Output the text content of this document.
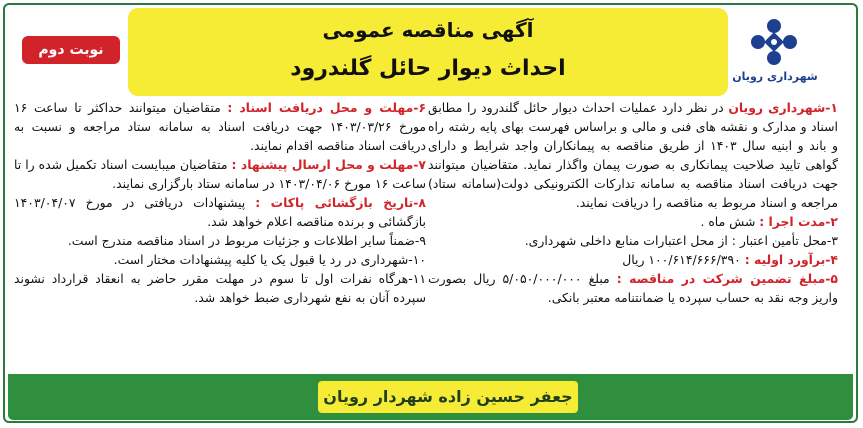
نوبت دوم
آگهی مناقصه عمومی
احداث دیوار حائل گلندرود	شهرداری رویان

۱-شهرداری رویان در نظر دارد عملیات احداث دیوار حائل گلندرود را مطابق اسناد و مدارک و نقشه های فنی و مالی و براساس فهرست بهای پایه رشته راه و باند و ابنیه سال ۱۴۰۳ از طریق مناقصه به پیمانکاران واجد شرایط و دارای گواهی تایید صلاحیت پیمانکاری به صورت پیمان واگذار نماید. متقاضیان میتوانند جهت دریافت اسناد مناقصه به سامانه تدارکات الکترونیکی دولت(سامانه ستاد) مراجعه و اسناد مربوط به مناقصه را دریافت نمایند.

۲-مدت اجرا : شش ماه .

۳-محل تأمین اعتبار : از محل اعتبارات منابع داخلی شهرداری.

۴-برآورد اولیه : ۱۰۰/۶۱۴/۶۶۶/۳۹۰ ریال

۵-مبلغ تضمین شرکت در مناقصه : مبلغ ۵/۰۵۰/۰۰۰/۰۰۰ ریال بصورت واریز وجه نقد به حساب سپرده یا ضمانتنامه معتبر بانکی.

۶-مهلت و محل دریافت اسناد : متقاضیان میتوانند حداکثر تا ساعت ۱۶ مورخ ۱۴۰۳/۰۳/۲۶ جهت دریافت اسناد به سامانه ستاد مراجعه و نسبت به دریافت اسناد مناقصه اقدام نمایند.

۷-مهلت و محل ارسال پیشنهاد : متقاضیان میبایست اسناد تکمیل شده را تا ساعت ۱۶ مورخ ۱۴۰۳/۰۴/۰۶ در سامانه ستاد بارگزاری نمایند.

۸-تاریخ بازگشائی پاکات : پیشنهادات دریافتی در مورخ ۱۴۰۳/۰۴/۰۷ بازگشائی و برنده مناقصه اعلام خواهد شد.

۹-ضمناً سایر اطلاعات و جزئیات مربوط در اسناد مناقصه مندرج است.

۱۰-شهرداری در رد یا قبول یک یا کلیه پیشنهادات مختار است.

۱۱-هرگاه نفرات اول تا سوم در مهلت مقرر حاضر به انعقاد قرارداد نشوند سپرده آنان به نفع شهرداری ضبط خواهد شد.

جعفر حسین زاده شهردار رویان
